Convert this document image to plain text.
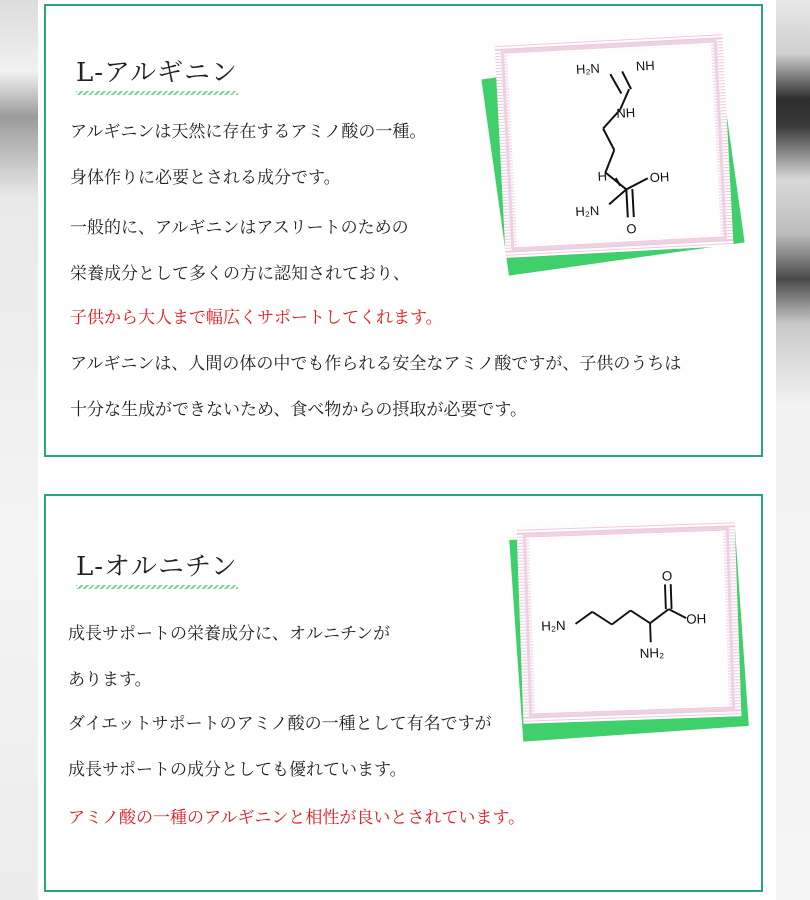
L-アルギニン
アルギニンは天然に存在するアミノ酸の一種。
身体作りに必要とされる成分です。
一般的に、アルギニンはアスリートのための
栄養成分として多くの方に認知されており、
子供から大人まで幅広くサポートしてくれます。
アルギニンは、人間の体の中でも作られる安全なアミノ酸ですが、子供のうちは
十分な生成ができないため、食べ物からの摂取が必要です。
H₂N	NH
NH
H
H₂N
OH
O
L-オルニチン
成長サポートの栄養成分に、オルニチンが
あります。
ダイエットサポートのアミノ酸の一種として有名ですが
成長サポートの成分としても優れています。
アミノ酸の一種のアルギニンと相性が良いとされています。
H₂N
O
OH
NH₂
